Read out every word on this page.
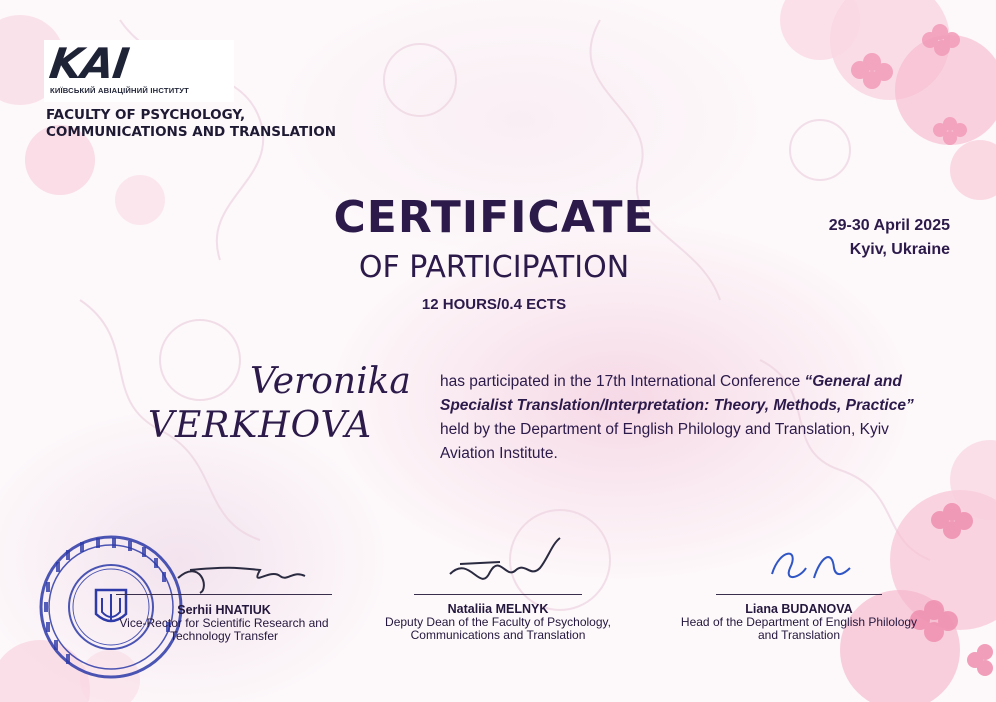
KAI
КИЇВСЬКИЙ АВІАЦІЙНИЙ ІНСТИТУТ
FACULTY OF PSYCHOLOGY, COMMUNICATIONS AND TRANSLATION
CERTIFICATE
OF PARTICIPATION
12 HOURS/0.4 ECTS
29-30 April 2025
Kyiv, Ukraine
Veronika
VERKHOVA
has participated in the 17th International Conference “General and Specialist Translation/Interpretation: Theory, Methods, Practice” held by the Department of English Philology and Translation, Kyiv Aviation Institute.
Serhii HNATIUK
Vice-Rector for Scientific Research and Technology Transfer
Nataliia MELNYK
Deputy Dean of the Faculty of Psychology, Communications and Translation
Liana BUDANOVA
Head of the Department of English Philology and Translation
